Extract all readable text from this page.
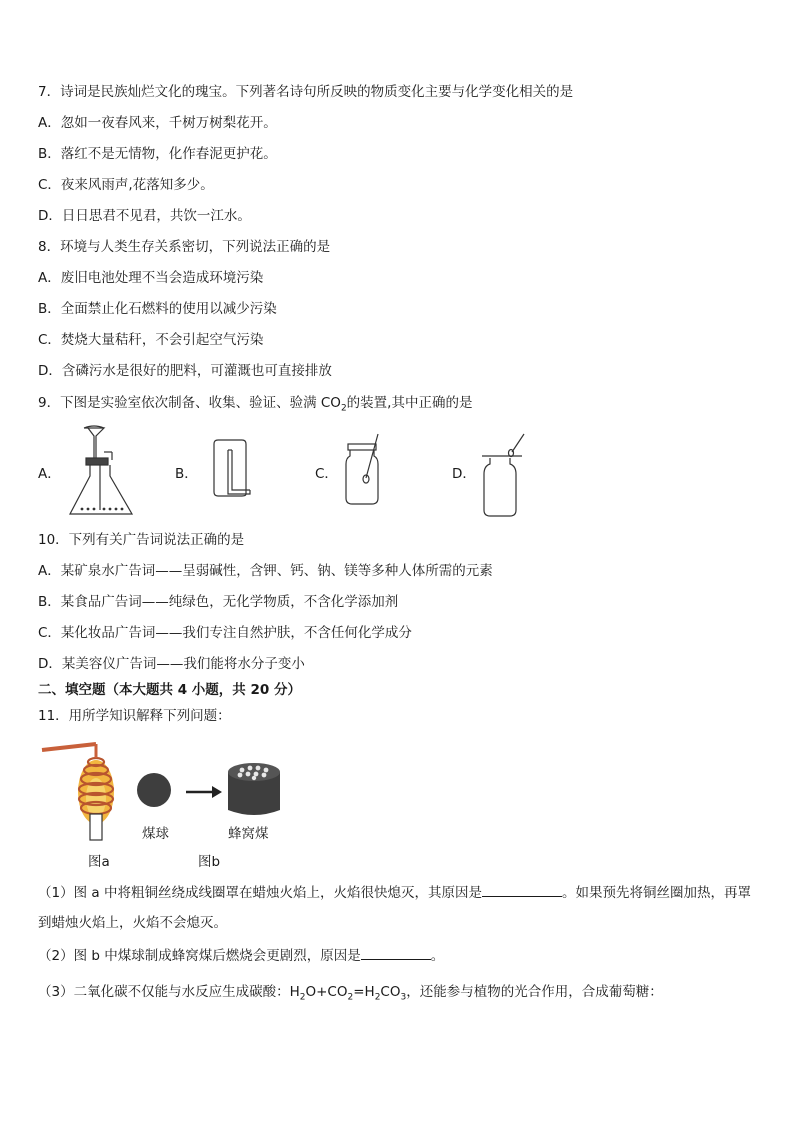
7．诗词是民族灿烂文化的瑰宝。下列著名诗句所反映的物质变化主要与化学变化相关的是
A．忽如一夜春风来，千树万树梨花开。
B．落红不是无情物，化作春泥更护花。
C．夜来风雨声,花落知多少。
D．日日思君不见君，共饮一江水。
8．环境与人类生存关系密切，下列说法正确的是
A．废旧电池处理不当会造成环境污染
B．全面禁止化石燃料的使用以减少污染
C．焚烧大量秸秆，不会引起空气污染
D．含磷污水是很好的肥料，可灌溉也可直接排放
9．下图是实验室依次制备、收集、验证、验满 $CO_2$的装置,其中正确的是
A．	B．	C．	D．
10．下列有关广告词说法正确的是
A．某矿泉水广告词——呈弱碱性，含钾、钙、钠、镁等多种人体所需的元素
B．某食品广告词——纯绿色，无化学物质，不含化学添加剂
C．某化妆品广告词——我们专注自然护肤，不含任何化学成分
D．某美容仪广告词——我们能将水分子变小
二、填空题（本大题共 4 小题，共 20 分）
11．用所学知识解释下列问题：
煤球	蜂窝煤
图a	图b
（1）图 a 中将粗铜丝绕成线圈罩在蜡烛火焰上，火焰很快熄灭，其原因是	。如果预先将铜丝圈加热，再罩到蜡烛火焰上，火焰不会熄灭。
（2）图 b 中煤球制成蜂窝煤后燃烧会更剧烈，原因是	。
（3）二氧化碳不仅能与水反应生成碳酸：$H_2O+CO_2=H_2CO_3$，还能参与植物的光合作用，合成葡萄糖：
